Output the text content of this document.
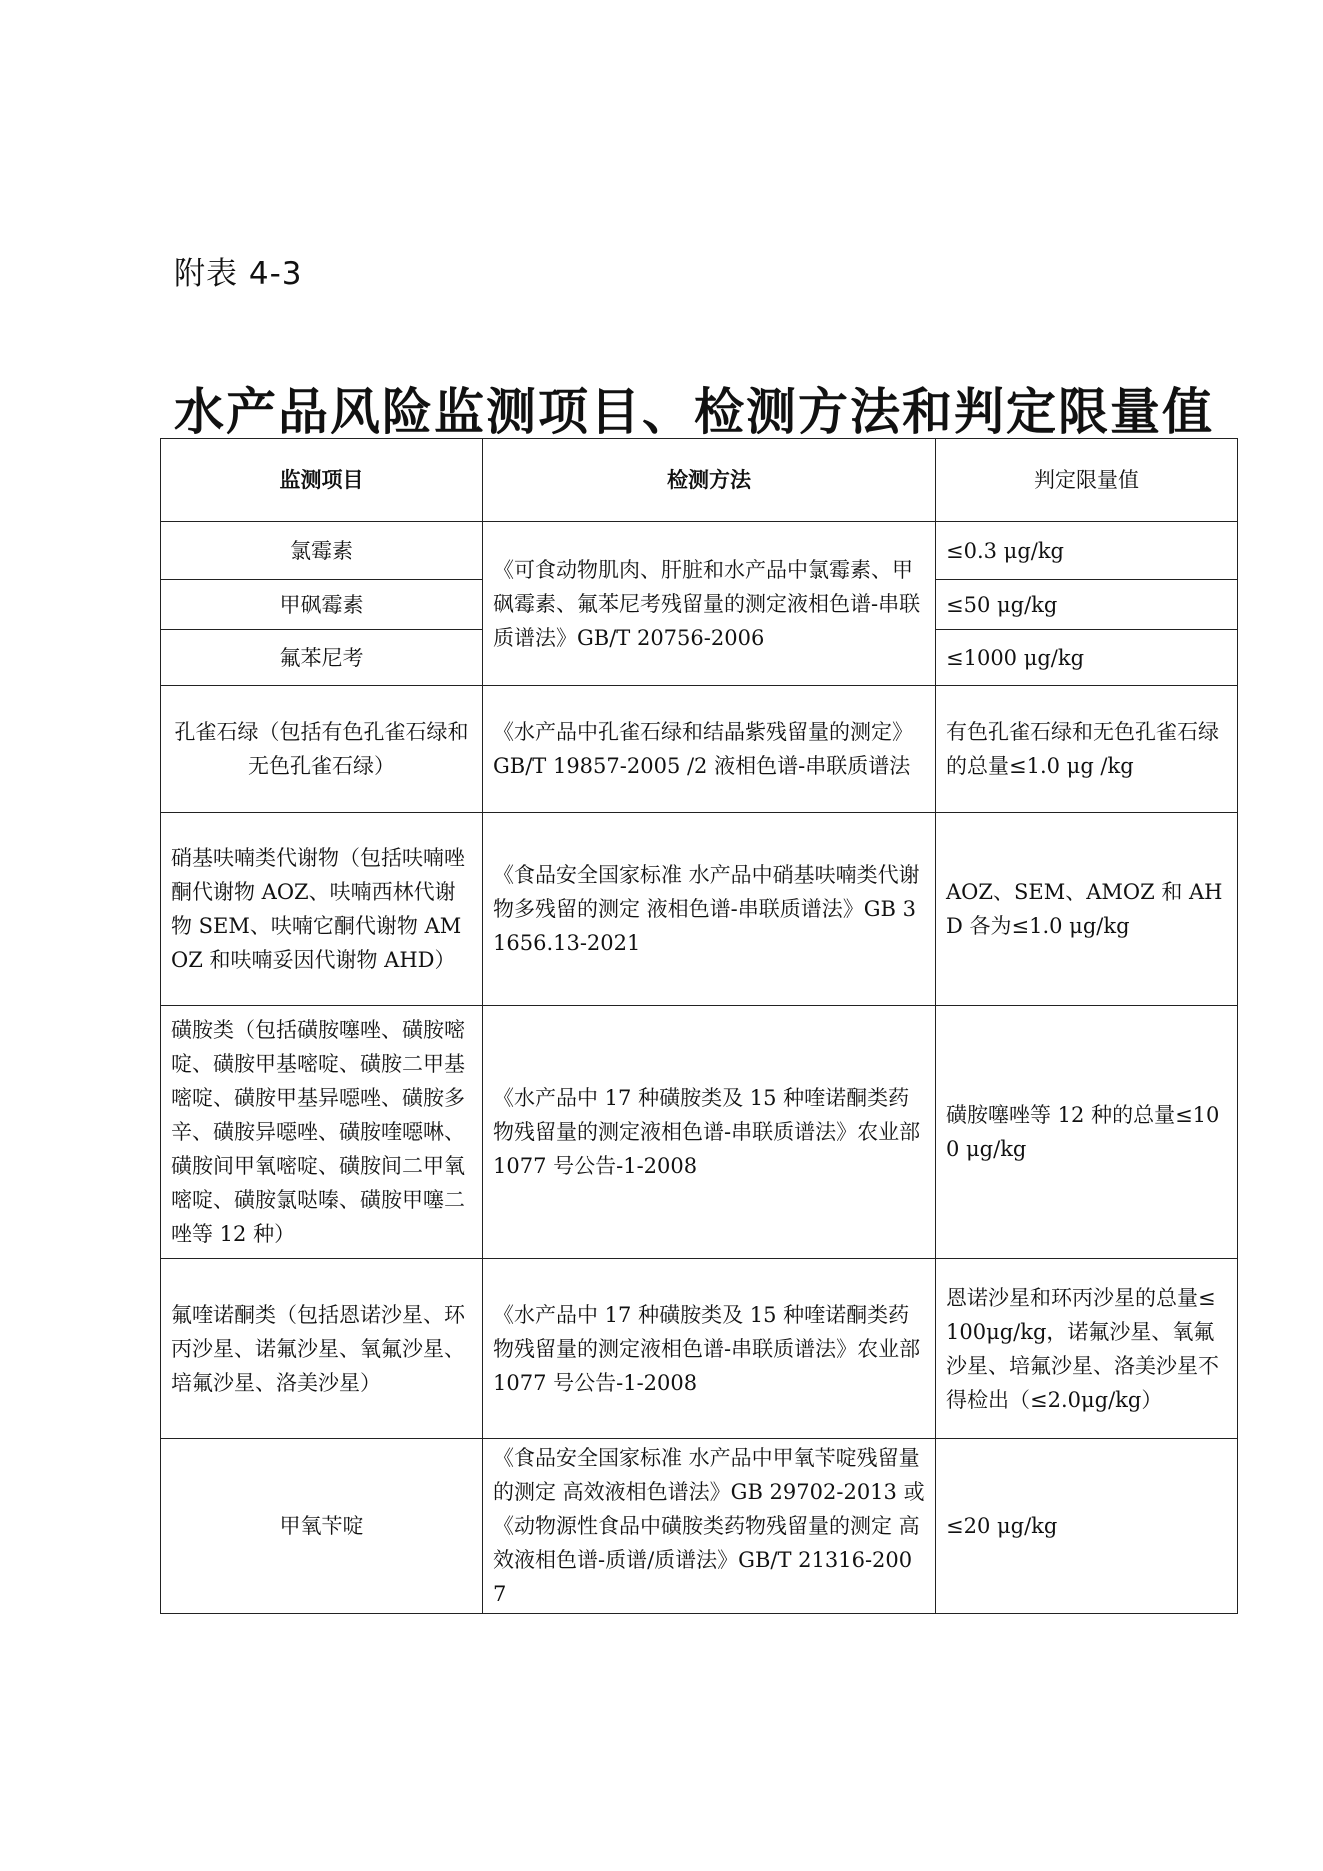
附表 4-3
水产品风险监测项目、检测方法和判定限量值
监测项目	检测方法	判定限量值
氯霉素	《可食动物肌肉、肝脏和水产品中氯霉素、甲砜霉素、氟苯尼考残留量的测定液相色谱-串联质谱法》GB/T 20756-2006	≤0.3 μg/kg
甲砜霉素		≤50 μg/kg
氟苯尼考		≤1000 μg/kg
孔雀石绿（包括有色孔雀石绿和无色孔雀石绿）	《水产品中孔雀石绿和结晶紫残留量的测定》GB/T 19857-2005 /2 液相色谱-串联质谱法	有色孔雀石绿和无色孔雀石绿的总量≤1.0 μg /kg
硝基呋喃类代谢物（包括呋喃唑酮代谢物 AOZ、呋喃西林代谢物 SEM、呋喃它酮代谢物 AMOZ 和呋喃妥因代谢物 AHD）	《食品安全国家标准 水产品中硝基呋喃类代谢物多残留的测定 液相色谱-串联质谱法》GB 31656.13-2021	AOZ、SEM、AMOZ 和 AHD 各为≤1.0 μg/kg
磺胺类（包括磺胺噻唑、磺胺嘧啶、磺胺甲基嘧啶、磺胺二甲基嘧啶、磺胺甲基异噁唑、磺胺多辛、磺胺异噁唑、磺胺喹噁啉、磺胺间甲氧嘧啶、磺胺间二甲氧嘧啶、磺胺氯哒嗪、磺胺甲噻二唑等 12 种）	《水产品中 17 种磺胺类及 15 种喹诺酮类药物残留量的测定液相色谱-串联质谱法》农业部 1077 号公告-1-2008	磺胺噻唑等 12 种的总量≤100 μg/kg
氟喹诺酮类（包括恩诺沙星、环丙沙星、诺氟沙星、氧氟沙星、培氟沙星、洛美沙星）	《水产品中 17 种磺胺类及 15 种喹诺酮类药物残留量的测定液相色谱-串联质谱法》农业部 1077 号公告-1-2008	恩诺沙星和环丙沙星的总量≤100μg/kg，诺氟沙星、氧氟沙星、培氟沙星、洛美沙星不得检出（≤2.0μg/kg）
甲氧苄啶	《食品安全国家标准 水产品中甲氧苄啶残留量的测定 高效液相色谱法》GB 29702-2013 或《动物源性食品中磺胺类药物残留量的测定 高效液相色谱-质谱/质谱法》GB/T 21316-2007	≤20 μg/kg
